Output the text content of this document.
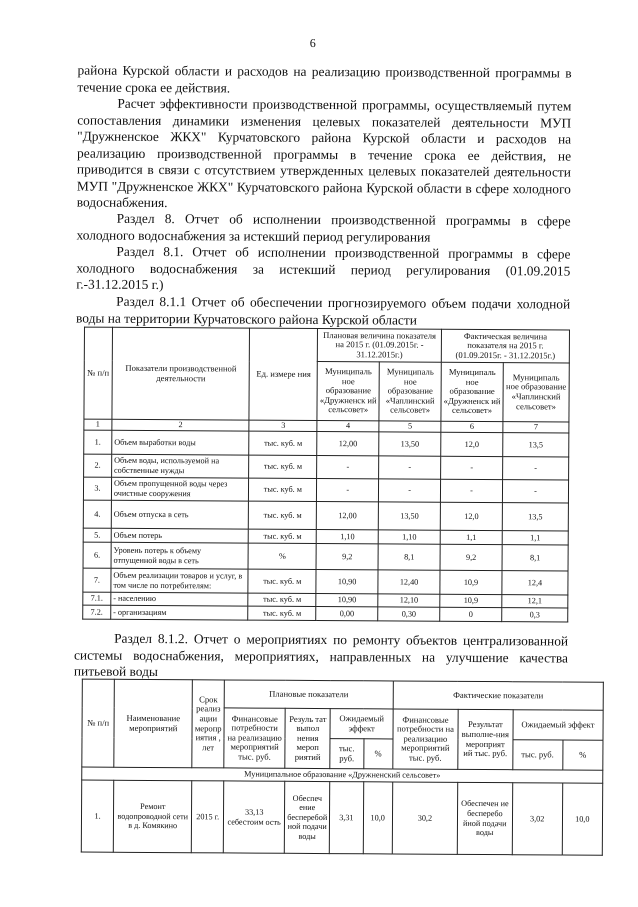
6
района Курской области и расходов на реализацию производственной программы в течение срока ее действия.
Расчет эффективности производственной программы, осуществляемый путем сопоставления динамики изменения целевых показателей деятельности МУП "Дружненское ЖКХ" Курчатовского района Курской области и расходов на реализацию производственной программы в течение срока ее действия, не приводится в связи с отсутствием утвержденных целевых показателей деятельности МУП "Дружненское ЖКХ" Курчатовского района Курской области в сфере холодного водоснабжения.
Раздел 8. Отчет об исполнении производственной программы в сфере холодного водоснабжения за истекший период регулирования
Раздел 8.1. Отчет об исполнении производственной программы в сфере холодного водоснабжения за истекший период регулирования (01.09.2015 г.-31.12.2015 г.)
Раздел 8.1.1 Отчет об обеспечении прогнозируемого объем подачи холодной воды на территории Курчатовского района Курской области
№ п/п	Показатели производственной деятельности	Ед. измере ния	Плановая величина показателя на 2015 г. (01.09.2015г. - 31.12.2015г.)		Фактическая величина показателя на 2015 г. (01.09.2015г. - 31.12.2015г.)	
			Муниципаль ное образование «Дружненск ий сельсовет»	Муниципаль ное образование «Чаплинский сельсовет»	Муниципаль ное образование «Дружненск ий сельсовет»	Муниципаль ное образование «Чаплинский сельсовет»
1	2	3	4	5	6	7
1.	Объем выработки воды	тыс. куб. м	12,00	13,50	12,0	13,5
2.	Объем воды, используемой на собственные нужды	тыс. куб. м	-	-	-	-
3.	Объем пропущенной воды через очистные сооружения	тыс. куб. м	-	-	-	-
4.	Объем отпуска в сеть	тыс. куб. м	12,00	13,50	12,0	13,5
5.	Объем потерь	тыс. куб. м	1,10	1,10	1,1	1,1
6.	Уровень потерь к объему отпущенной воды в сеть	%	9,2	8,1	9,2	8,1
7.	Объем реализации товаров и услуг, в том числе по потребителям:	тыс. куб. м	10,90	12,40	10,9	12,4
7.1.	- населению	тыс. куб. м	10,90	12,10	10,9	12,1
7.2.	- организациям	тыс. куб. м	0,00	0,30	0	0,3
Раздел 8.1.2. Отчет о мероприятиях по ремонту объектов централизованной системы водоснабжения, мероприятиях, направленных на улучшение качества питьевой воды
№ п/п	Наименование мероприятий	Срок реализ ации меропр иятия , лет	Плановые показатели				Фактические показатели			
			Финансовые потребности на реализацию мероприятий тыс. руб.	Резуль тат выпол нения мероп риятий	Ожидаемый эффект		Финансовые потребности на реализацию мероприятий тыс. руб.	Результат выполне-ния мероприят ий тыс. руб.	Ожидаемый эффект	
					тыс. руб.	%			тыс. руб.	%
Муниципальное образование «Дружненский сельсовет»										
1.	Ремонт водопроводной сети в д. Комякино	2015 г.	33,13 себестоим ость	Обеспеч ение бесперебой ной подачи воды	3,31	10,0	30,2	Обеспечен ие бесперебо йной подачи воды	3,02	10,0
